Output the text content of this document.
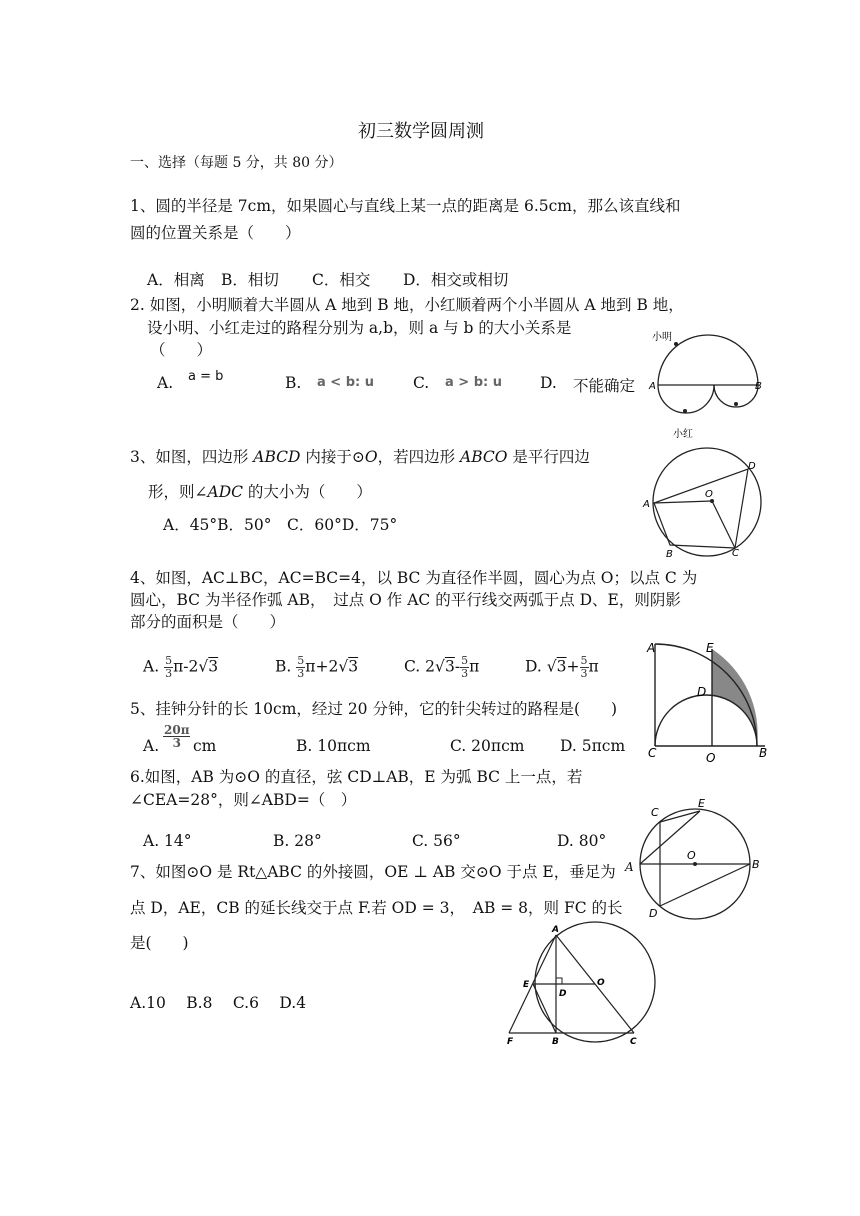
初三数学圆周测
一、选择（每题 5 分，共 80 分）
1、圆的半径是 7cm，如果圆心与直线上某一点的距离是 6.5cm，那么该直线和
圆的位置关系是（　　）
A．相离 B．相切 C．相交 D．相交或相切
2. 如图，小明顺着大半圆从 A 地到 B 地，小红顺着两个小半圆从 A 地到 B 地，
设小明、小红走过的路程分别为 a,b，则 a 与 b 的大小关系是
（　　）
A. a = b	B. a < b: u	C. a > b: u D. 不能确定
小明
小红
A	B
3、如图，四边形 ABCD 内接于⊙O，若四边形 ABCO 是平行四边
形，则∠ADC 的大小为（　　）
A．45°B．50°　C．60°D．75°
A
B	C
D
O
4、如图，AC⊥BC，AC=BC=4，以 BC 为直径作半圆，圆心为点 O；以点 C 为
圆心，BC 为半径作弧 AB，　过点 O 作 AC 的平行线交两弧于点 D、E，则阴影
部分的面积是（　　）
A. $\frac{5}{3} \pi-2√3$	B. $\frac{5}{3} \pi+2√3$	C. $2√3- \frac{5}{3}$ π	D. $√3+ \frac{5}{3}$ π
A	E
D
C	O	B
5、挂钟分针的长 10cm，经过 20 分钟，它的针尖转过的路程是(　　)
A. $\frac{20\pi}{3}$ cm	B. 10πcm	C. 20πcm D. 5πcm
6.如图，AB 为⊙O 的直径，弦 CD⊥AB，E 为弧 BC 上一点，若
∠CEA=28°，则∠ABD=（　）
A. 14°	B. 28°	C. 56°	D. 80°
C
E
O
B
D
A
7、如图⊙O 是 Rt△ABC 的外接圆，OE ⊥ AB 交⊙O 于点 E，垂足为
点 D，AE，CB 的延长线交于点 F.若 OD = 3，　AB = 8，则 FC 的长
是(　　)
A.10　 B.8　 C.6　 D.4
A
E
D
O
F	B	C
